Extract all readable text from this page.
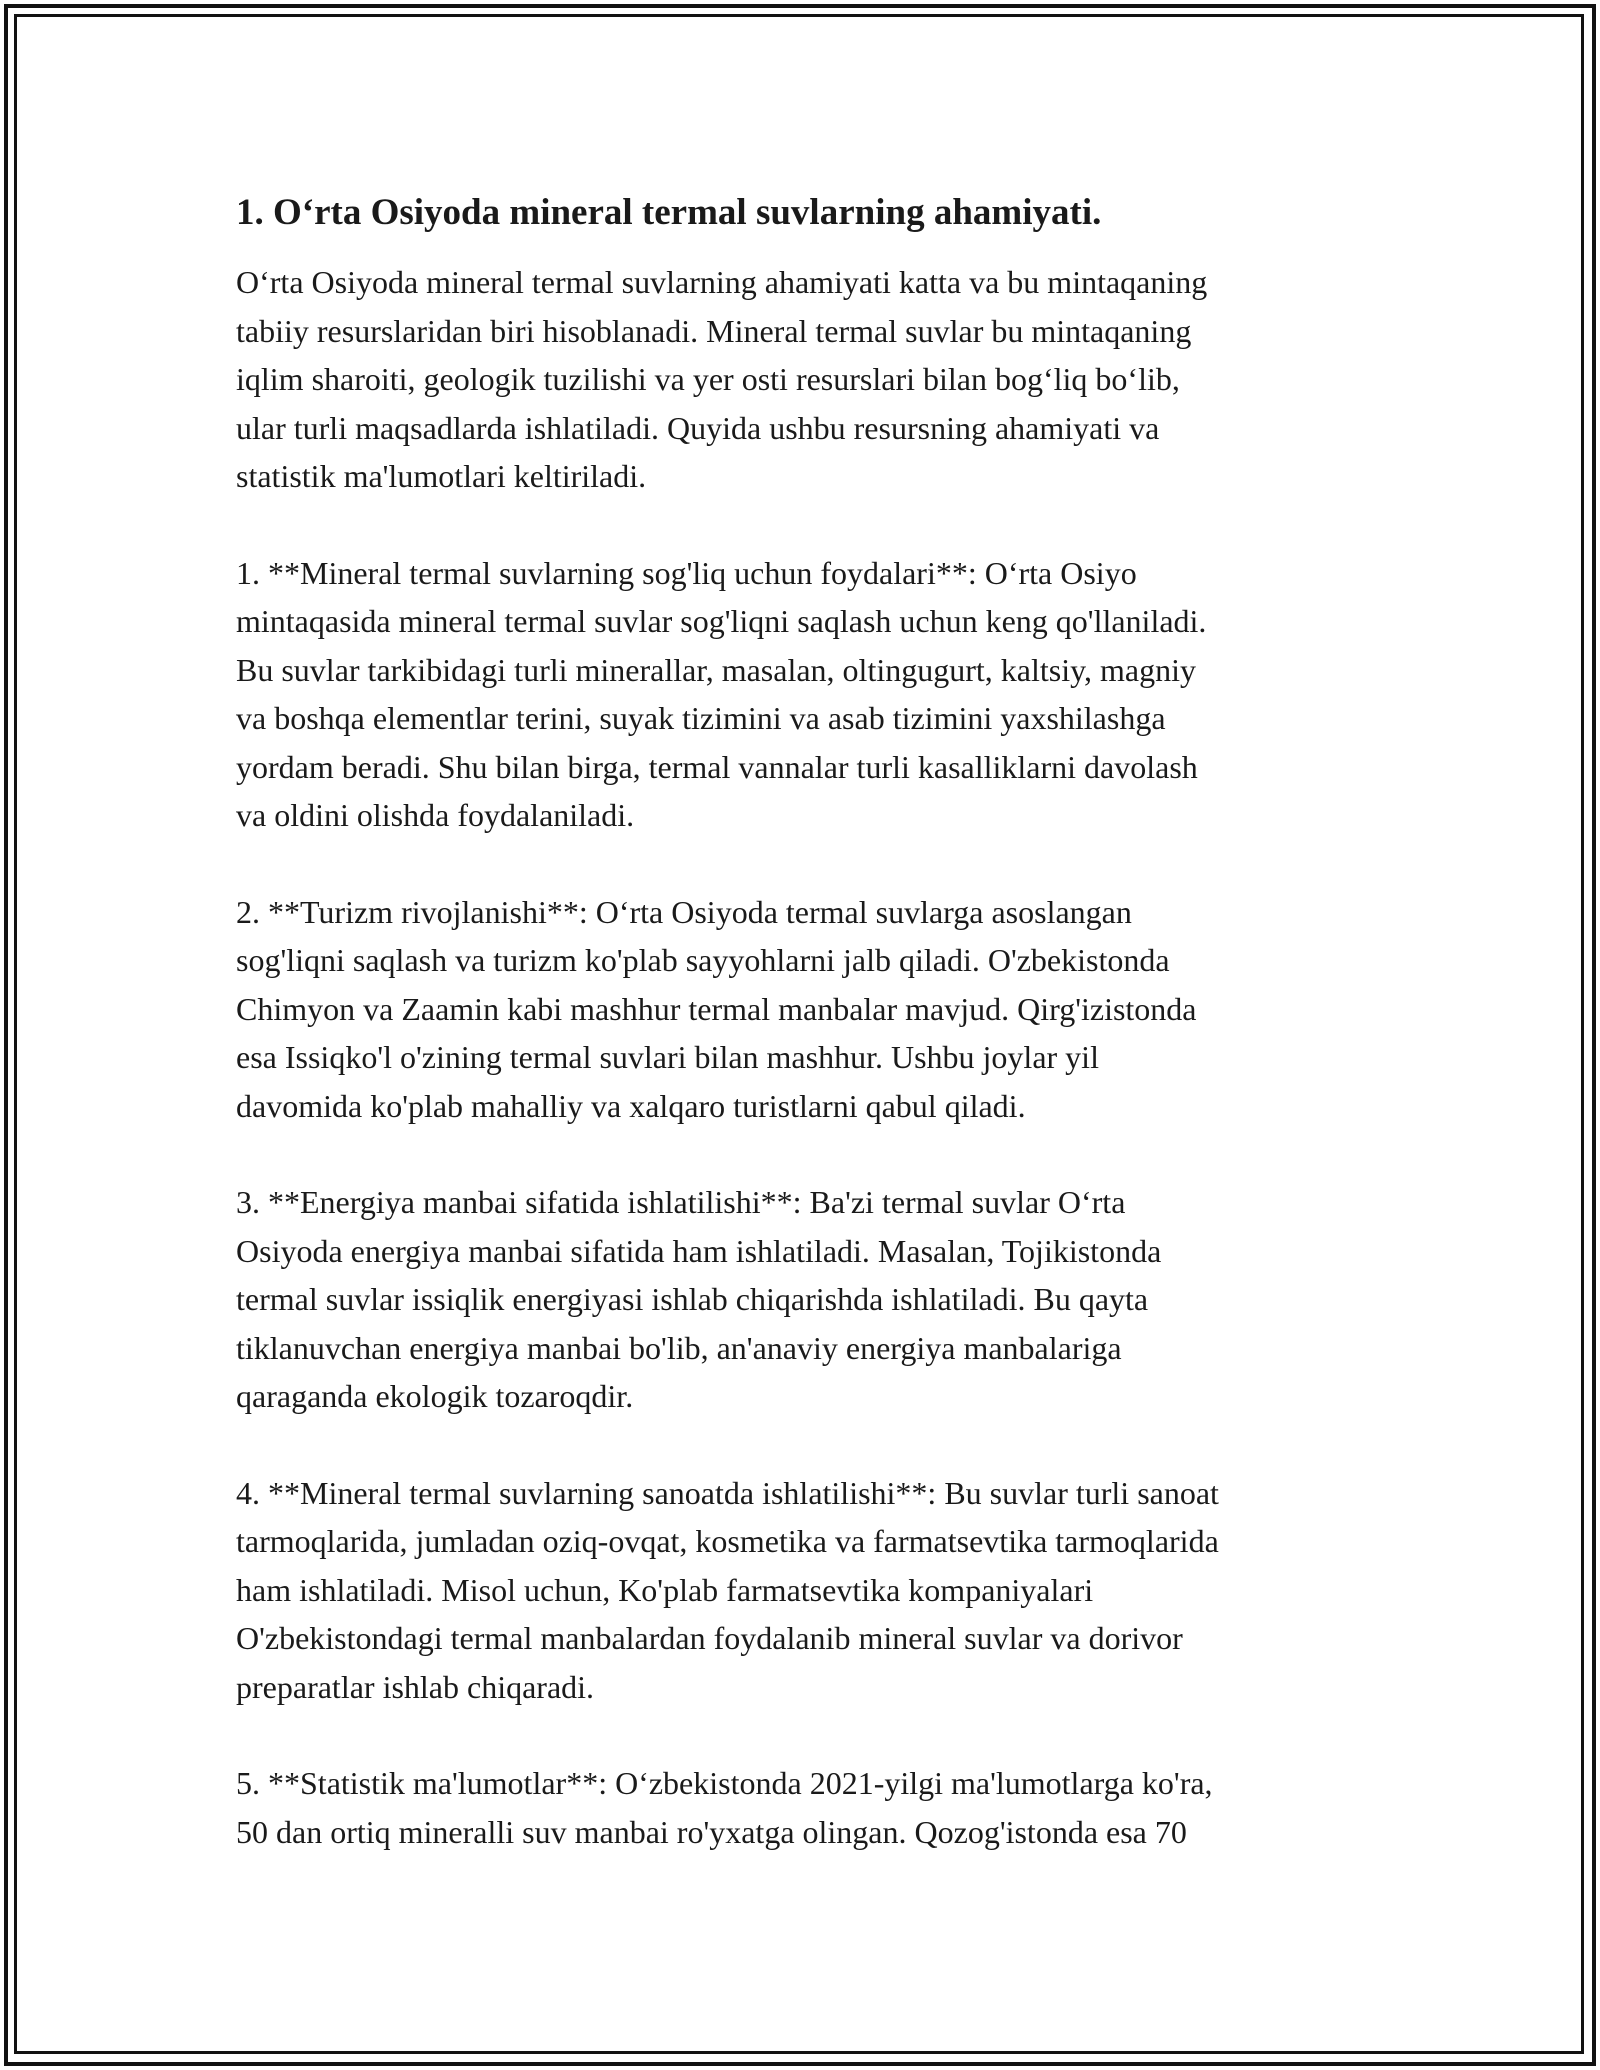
1. O‘rta Osiyoda mineral termal suvlarning ahamiyati.

O‘rta Osiyoda mineral termal suvlarning ahamiyati katta va bu mintaqaning
tabiiy resurslaridan biri hisoblanadi. Mineral termal suvlar bu mintaqaning
iqlim sharoiti, geologik tuzilishi va yer osti resurslari bilan bog‘liq bo‘lib,
ular turli maqsadlarda ishlatiladi. Quyida ushbu resursning ahamiyati va
statistik ma'lumotlari keltiriladi.

1. **Mineral termal suvlarning sog'liq uchun foydalari**: O‘rta Osiyo
mintaqasida mineral termal suvlar sog'liqni saqlash uchun keng qo'llaniladi.
Bu suvlar tarkibidagi turli minerallar, masalan, oltingugurt, kaltsiy, magniy
va boshqa elementlar terini, suyak tizimini va asab tizimini yaxshilashga
yordam beradi. Shu bilan birga, termal vannalar turli kasalliklarni davolash
va oldini olishda foydalaniladi.

2. **Turizm rivojlanishi**: O‘rta Osiyoda termal suvlarga asoslangan
sog'liqni saqlash va turizm ko'plab sayyohlarni jalb qiladi. O'zbekistonda
Chimyon va Zaamin kabi mashhur termal manbalar mavjud. Qirg'izistonda
esa Issiqko'l o'zining termal suvlari bilan mashhur. Ushbu joylar yil
davomida ko'plab mahalliy va xalqaro turistlarni qabul qiladi.

3. **Energiya manbai sifatida ishlatilishi**: Ba'zi termal suvlar O‘rta
Osiyoda energiya manbai sifatida ham ishlatiladi. Masalan, Tojikistonda
termal suvlar issiqlik energiyasi ishlab chiqarishda ishlatiladi. Bu qayta
tiklanuvchan energiya manbai bo'lib, an'anaviy energiya manbalariga
qaraganda ekologik tozaroqdir.

4. **Mineral termal suvlarning sanoatda ishlatilishi**: Bu suvlar turli sanoat
tarmoqlarida, jumladan oziq-ovqat, kosmetika va farmatsevtika tarmoqlarida
ham ishlatiladi. Misol uchun, Ko'plab farmatsevtika kompaniyalari
O'zbekistondagi termal manbalardan foydalanib mineral suvlar va dorivor
preparatlar ishlab chiqaradi.

5. **Statistik ma'lumotlar**: O‘zbekistonda 2021-yilgi ma'lumotlarga ko'ra,
50 dan ortiq mineralli suv manbai ro'yxatga olingan. Qozog'istonda esa 70
